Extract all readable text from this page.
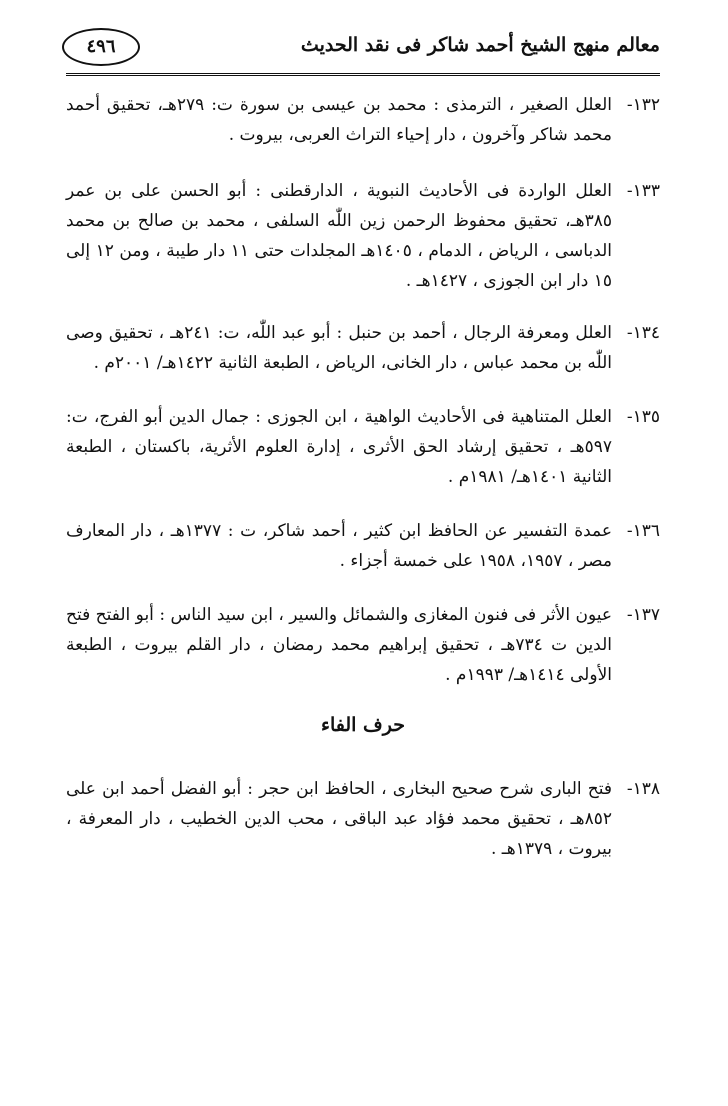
معالم منهج الشيخ أحمد شاكر فى نقد الحديث
٤٩٦
١٣٢-
العلل الصغير ، الترمذى : محمد بن عيسى بن سورة ت: ٢٧٩هـ، تحقيق أحمد محمد شاكر وآخرون ، دار إحياء التراث العربى، بيروت .
١٣٣-
العلل الواردة فى الأحاديث النبوية ، الدارقطنى : أبو الحسن على بن عمر ٣٨٥هـ، تحقيق محفوظ الرحمن زين اللّٰه السلفى ، محمد بن صالح بن محمد الدباسى ، الرياض ، الدمام ، ١٤٠٥هـ المجلدات حتى ١١ دار طيبة ، ومن ١٢ إلى ١٥ دار ابن الجوزى ، ١٤٢٧هـ .
١٣٤-
العلل ومعرفة الرجال ، أحمد بن حنبل : أبو عبد اللّٰه، ت: ٢٤١هـ ، تحقيق وصى اللّٰه بن محمد عباس ، دار الخانى، الرياض ، الطبعة الثانية ١٤٢٢هـ/ ٢٠٠١م .
١٣٥-
العلل المتناهية فى الأحاديث الواهية ، ابن الجوزى : جمال الدين أبو الفرج، ت: ٥٩٧هـ ، تحقيق إرشاد الحق الأثرى ، إدارة العلوم الأثرية، باكستان ، الطبعة الثانية ١٤٠١هـ/ ١٩٨١م .
١٣٦-
عمدة التفسير عن الحافظ ابن كثير ، أحمد شاكر، ت : ١٣٧٧هـ ، دار المعارف مصر ، ١٩٥٧، ١٩٥٨ على خمسة أجزاء .
١٣٧-
عيون الأثر فى فنون المغازى والشمائل والسير ، ابن سيد الناس : أبو الفتح فتح الدين ت ٧٣٤هـ ، تحقيق إبراهيم محمد رمضان ، دار القلم بيروت ، الطبعة الأولى ١٤١٤هـ/ ١٩٩٣م .
حرف الفاء
١٣٨-
فتح البارى شرح صحيح البخارى ، الحافظ ابن حجر : أبو الفضل أحمد ابن على ٨٥٢هـ ، تحقيق محمد فؤاد عبد الباقى ، محب الدين الخطيب ، دار المعرفة ، بيروت ، ١٣٧٩هـ .
